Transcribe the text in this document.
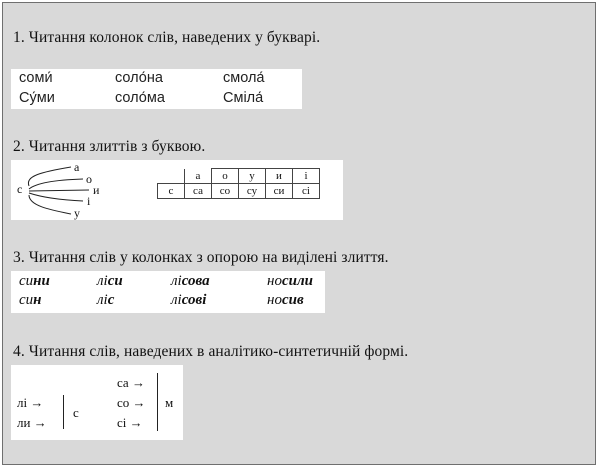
1. Читання колонок слів, наведених у букварі.
соми́	соло́на	смола́
Су́ми	соло́ма	Сміла́
2. Читання злиттів з буквою.
с
а
о
и
і
у
	а	о	у	и	і
с	са	со	су	си	сі
3. Читання слів у колонках з опорою на виділені злиття.
сини	ліси	лісова	носили
син	ліс	лісові	носив
4. Читання слів, наведених в аналітико-синтетичній формі.
лі →
ли →
с
са →
со →
сі →
м
